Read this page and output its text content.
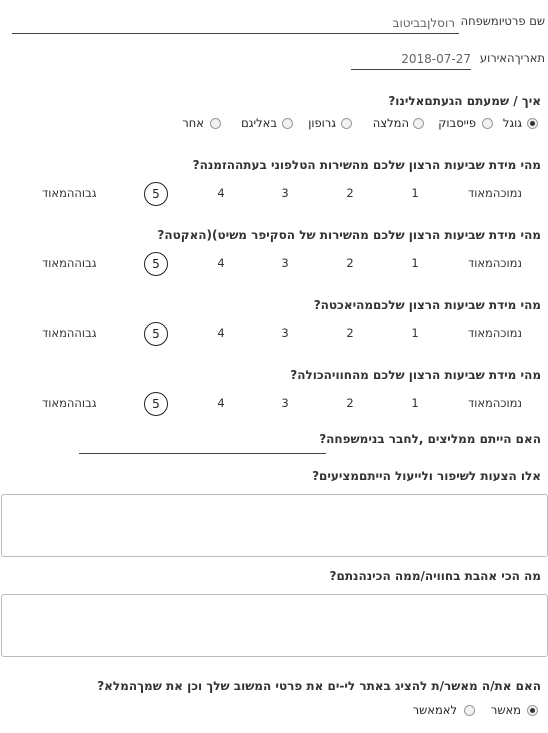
שם פרטיומשפחה
רוסלןבביטוב
תאריךהאירוע
2018-07-27
איך / שמעתם הגעתםאלינו?
גוגל
פייסבוק
המלצה
גרופון
באליגם
אחר
מהי מידת שביעות הרצון שלכם מהשירות הטלפוני בעתההזמנה?
נמוכהמאוד
1
2
3
4
5
גבוההמאוד
מהי מידת שביעות הרצון שלכם מהשירות של הסקיפר משיט)(האקטה?
נמוכהמאוד
1
2
3
4
5
גבוההמאוד
מהי מידת שביעות הרצון שלכםמהיאכטה?
נמוכהמאוד
1
2
3
4
5
גבוההמאוד
מהי מידת שביעות הרצון שלכם מהחוויהכולה?
נמוכהמאוד
1
2
3
4
5
גבוההמאוד
האם הייתם ממליצים ,לחבר בנימשפחה?
אלו הצעות לשיפור ולייעול הייתםמציעים?
מה הכי אהבת בחוויה/ממה הכינהנתם?
האם את/ה מאשר/ת להציג באתר לי-ים את פרטי המשוב שלך וכן את שמךהמלא?
מאשר
לאמאשר
